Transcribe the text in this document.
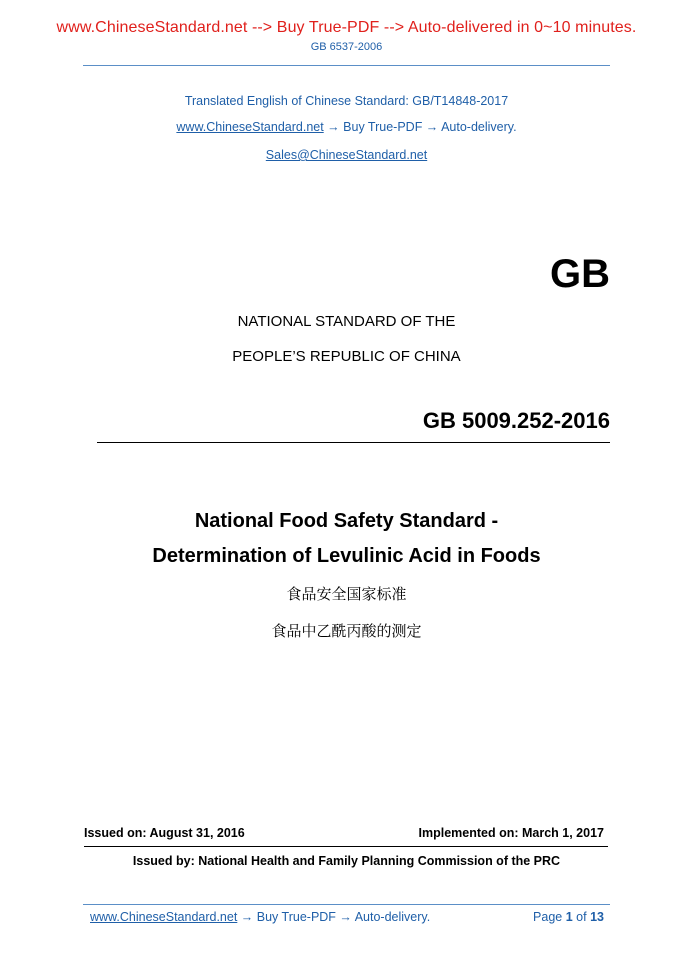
www.ChineseStandard.net --> Buy True-PDF --> Auto-delivered in 0~10 minutes.
GB 6537-2006
Translated English of Chinese Standard: GB/T14848-2017
www.ChineseStandard.net → Buy True-PDF → Auto-delivery.
Sales@ChineseStandard.net
GB
NATIONAL STANDARD OF THE
PEOPLE’S REPUBLIC OF CHINA
GB 5009.252-2016
National Food Safety Standard -
Determination of Levulinic Acid in Foods
食品安全国家标准
食品中乙酰丙酸的测定
Issued on: August 31, 2016	Implemented on: March 1, 2017
Issued by: National Health and Family Planning Commission of the PRC
www.ChineseStandard.net → Buy True-PDF → Auto-delivery.	Page 1 of 13
